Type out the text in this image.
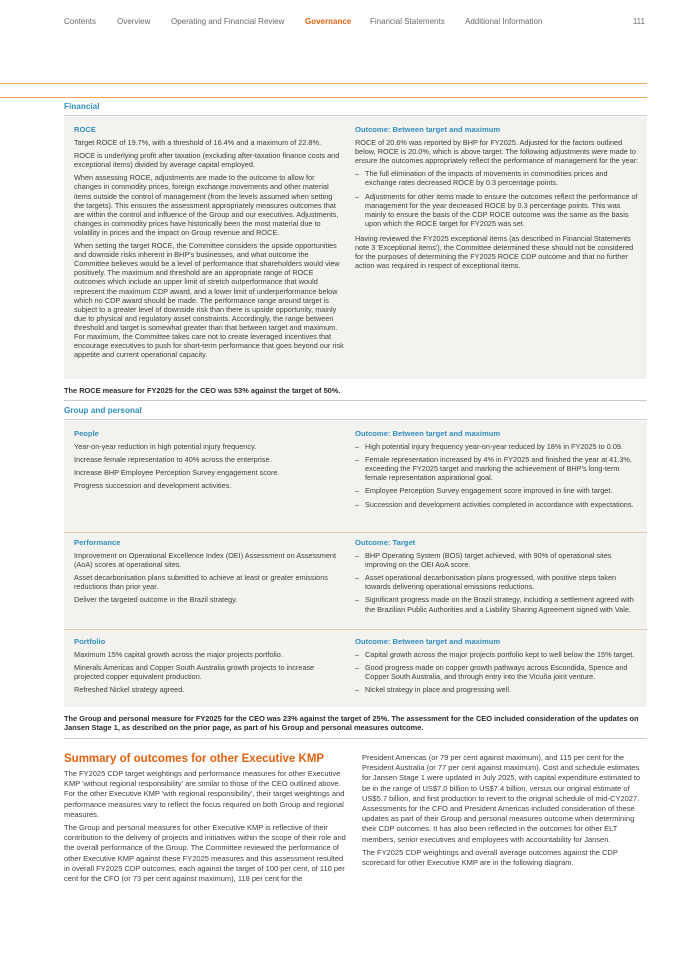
Contents	Overview	Operating and Financial Review	Governance Financial Statements	Additional Information	111
Financial
ROCE

Target ROCE of 19.7%, with a threshold of 16.4% and a maximum of 22.8%.

ROCE is underlying profit after taxation (excluding after-taxation finance costs and exceptional items) divided by average capital employed.

When assessing ROCE, adjustments are made to the outcome to allow for changes in commodity prices, foreign exchange movements and other material items outside the control of management (from the levels assumed when setting the targets). This ensures the assessment appropriately measures outcomes that are within the control and influence of the Group and our executives. Adjustments, changes in commodity prices have historically been the most material due to volatility in prices and the impact on Group revenue and ROCE.

When setting the target ROCE, the Committee considers the upside opportunities and downside risks inherent in BHP's businesses, and what outcome the Committee believes would be a level of performance that shareholders would view positively. The maximum and threshold are an appropriate range of ROCE outcomes which include an upper limit of stretch outperformance that would represent the maximum CDP award, and a lower limit of underperformance below which no CDP award should be made. The performance range around target is subject to a greater level of downside risk than there is upside opportunity, mainly due to physical and regulatory asset constraints. Accordingly, the range between threshold and target is somewhat greater than that between target and maximum. For maximum, the Committee takes care not to create leveraged incentives that encourage executives to push for short-term performance that goes beyond our risk appetite and current operational capacity.

Outcome: Between target and maximum

ROCE of 20.6% was reported by BHP for FY2025. Adjusted for the factors outlined below, ROCE is 20.0%, which is above target. The following adjustments were made to ensure the outcomes appropriately reflect the performance of management for the year:

– The full elimination of the impacts of movements in commodities prices and exchange rates decreased ROCE by 0.3 percentage points.
– Adjustments for other items made to ensure the outcomes reflect the performance of management for the year decreased ROCE by 0.3 percentage points. This was mainly to ensure the basis of the CDP ROCE outcome was the same as the basis upon which the ROCE target for FY2025 was set.

Having reviewed the FY2025 exceptional items (as described in Financial Statements note 3 'Exceptional items'), the Committee determined these should not be considered for the purposes of determining the FY2025 ROCE CDP outcome and that no further action was required in respect of exceptional items.

The ROCE measure for FY2025 for the CEO was 53% against the target of 50%.
Group and personal
People

Year-on-year reduction in high potential injury frequency.

Increase female representation to 40% across the enterprise.

Increase BHP Employee Perception Survey engagement score.

Progress succession and development activities.

Outcome: Between target and maximum
– High potential injury frequency year-on-year reduced by 18% in FY2025 to 0.09.
– Female representation increased by 4% in FY2025 and finished the year at 41.3%, exceeding the FY2025 target and marking the achievement of BHP's long-term female representation aspirational goal.
– Employee Perception Survey engagement score improved in line with target.
– Succession and development activities completed in accordance with expectations.
Performance

Improvement on Operational Excellence Index (OEI) Assessment on Assessment (AoA) scores at operational sites.

Asset decarbonisation plans submitted to achieve at least or greater emissions reductions than prior year.

Deliver the targeted outcome in the Brazil strategy.

Outcome: Target
– BHP Operating System (BOS) target achieved, with 90% of operational sites improving on the OEI AoA score.
– Asset operational decarbonisation plans progressed, with positive steps taken towards delivering operational emissions reductions.
– Significant progress made on the Brazil strategy, including a settlement agreed with the Brazilian Public Authorities and a Liability Sharing Agreement signed with Vale.
Portfolio

Maximum 15% capital growth across the major projects portfolio.

Minerals Americas and Copper South Australia growth projects to increase projected copper equivalent production.

Refreshed Nickel strategy agreed.

Outcome: Between target and maximum
– Capital growth across the major projects portfolio kept to well below the 15% target.
– Good progress made on copper growth pathways across Escondida, Spence and Copper South Australia, and through entry into the Vicuña joint venture.
– Nickel strategy in place and progressing well.
The Group and personal measure for FY2025 for the CEO was 23% against the target of 25%. The assessment for the CEO included consideration of the updates on Jansen Stage 1, as described on the prior page, as part of his Group and personal measures outcome.
Summary of outcomes for other Executive KMP

The FY2025 CDP target weightings and performance measures for other Executive KMP 'without regional responsibility' are similar to those of the CEO outlined above. For the other Executive KMP 'with regional responsibility', their target weightings and performance measures vary to reflect the focus required on both Group and regional measures.

The Group and personal measures for other Executive KMP is reflective of their contribution to the delivery of projects and initiatives within the scope of their role and the overall performance of the Group. The Committee reviewed the performance of other Executive KMP against these FY2025 measures and this assessment resulted in overall FY2025 CDP outcomes, each against the target of 100 per cent, of 110 per cent for the CFO (or 73 per cent against maximum), 118 per cent for the

President Americas (or 79 per cent against maximum), and 115 per cent for the President Australia (or 77 per cent against maximum). Cost and schedule estimates for Jansen Stage 1 were updated in July 2025, with capital expenditure estimated to be in the range of US$7.0 billion to US$7.4 billion, versus our original estimate of US$5.7 billion, and first production to revert to the original schedule of mid-CY2027. Assessments for the CFO and President Americas included consideration of these updates as part of their Group and personal measures outcome when determining their CDP outcomes. It has also been reflected in the outcomes for other ELT members, senior executives and employees with accountability for Jansen.

The FY2025 CDP weightings and overall average outcomes against the CDP scorecard for other Executive KMP are in the following diagram.
